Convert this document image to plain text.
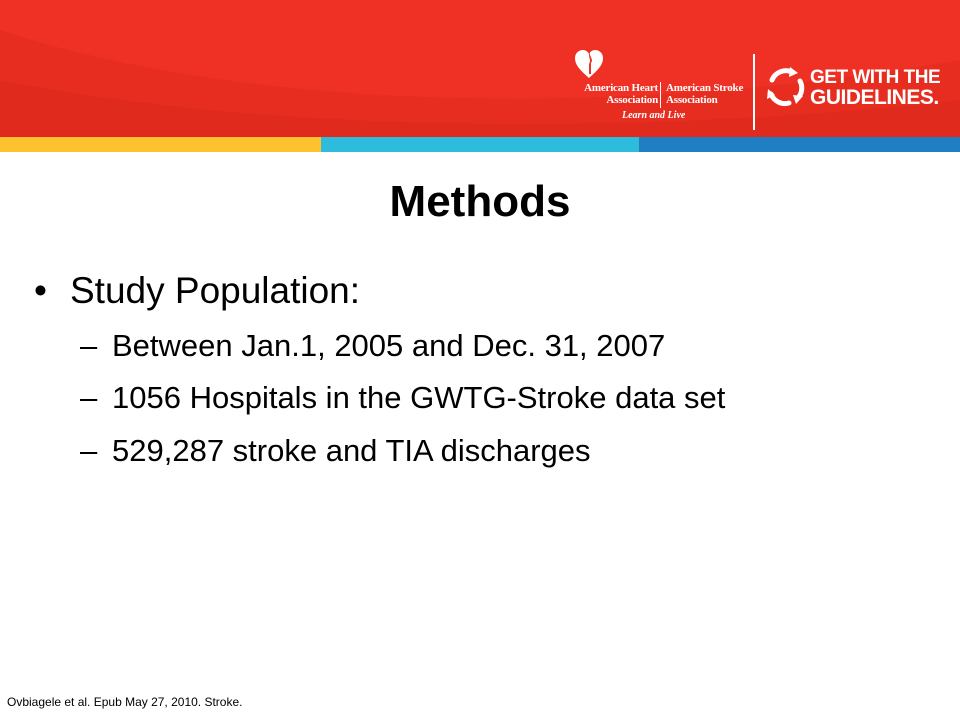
American Heart Association
American Stroke Association
Learn and Live
GET WITH THE
GUIDELINES.
Methods
• Study Population:
– Between Jan.1, 2005 and Dec. 31, 2007
– 1056 Hospitals in the GWTG-Stroke data set
– 529,287 stroke and TIA discharges
Ovbiagele et al. Epub May 27, 2010. Stroke.
